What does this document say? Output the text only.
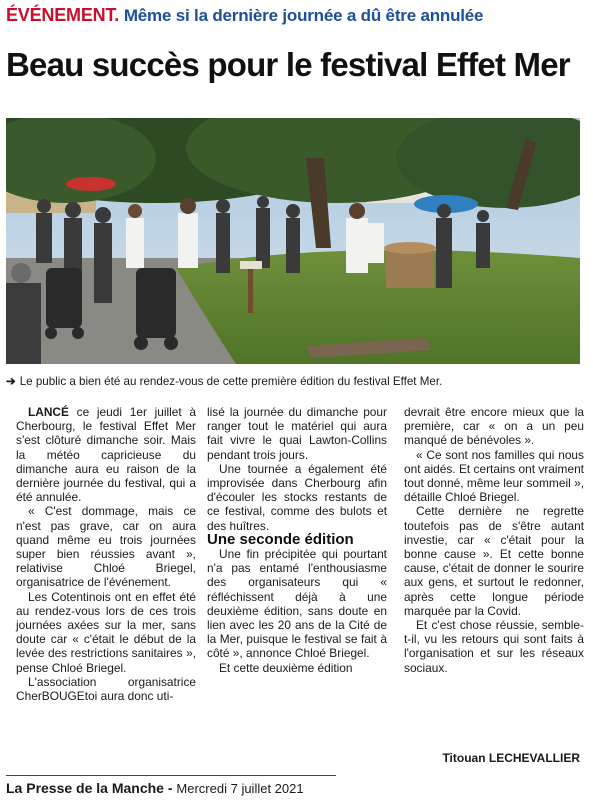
ÉVÉNEMENT. Même si la dernière journée a dû être annulée
Beau succès pour le festival Effet Mer
➔ Le public a bien été au rendez-vous de cette première édition du festival Effet Mer.

LANCÉ ce jeudi 1er juillet à Cherbourg, le festival Effet Mer s'est clôturé dimanche soir. Mais la météo capricieuse du dimanche aura eu raison de la dernière journée du festival, qui a été annulée.

« C'est dommage, mais ce n'est pas grave, car on aura quand même eu trois journées super bien réussies avant », relativise Chloé Briegel, organisatrice de l'événement.

Les Cotentinois ont en effet été au rendez-vous lors de ces trois journées axées sur la mer, sans doute car « c'était le début de la levée des restrictions sanitaires », pense Chloé Briegel.

L'association organisatrice CherBOUGEtoi aura donc uti-

lisé la journée du dimanche pour ranger tout le matériel qui aura fait vivre le quai Lawton-Collins pendant trois jours.

Une tournée a également été improvisée dans Cherbourg afin d'écouler les stocks restants de ce festival, comme des bulots et des huîtres.

Une seconde édition

Une fin précipitée qui pourtant n'a pas entamé l'enthousiasme des organisateurs qui « réfléchissent déjà à une deuxième édition, sans doute en lien avec les 20 ans de la Cité de la Mer, puisque le festival se fait à côté », annonce Chloé Briegel.

Et cette deuxième édition

devrait être encore mieux que la première, car « on a un peu manqué de bénévoles ».

« Ce sont nos familles qui nous ont aidés. Et certains ont vraiment tout donné, même leur sommeil », détaille Chloé Briegel.

Cette dernière ne regrette toutefois pas de s'être autant investie, car « c'était pour la bonne cause ». Et cette bonne cause, c'était de donner le sourire aux gens, et surtout le redonner, après cette longue période marquée par la Covid.

Et c'est chose réussie, semble-t-il, vu les retours qui sont faits à l'organisation et sur les réseaux sociaux.

Titouan LECHEVALLIER
La Presse de la Manche - Mercredi 7 juillet 2021
